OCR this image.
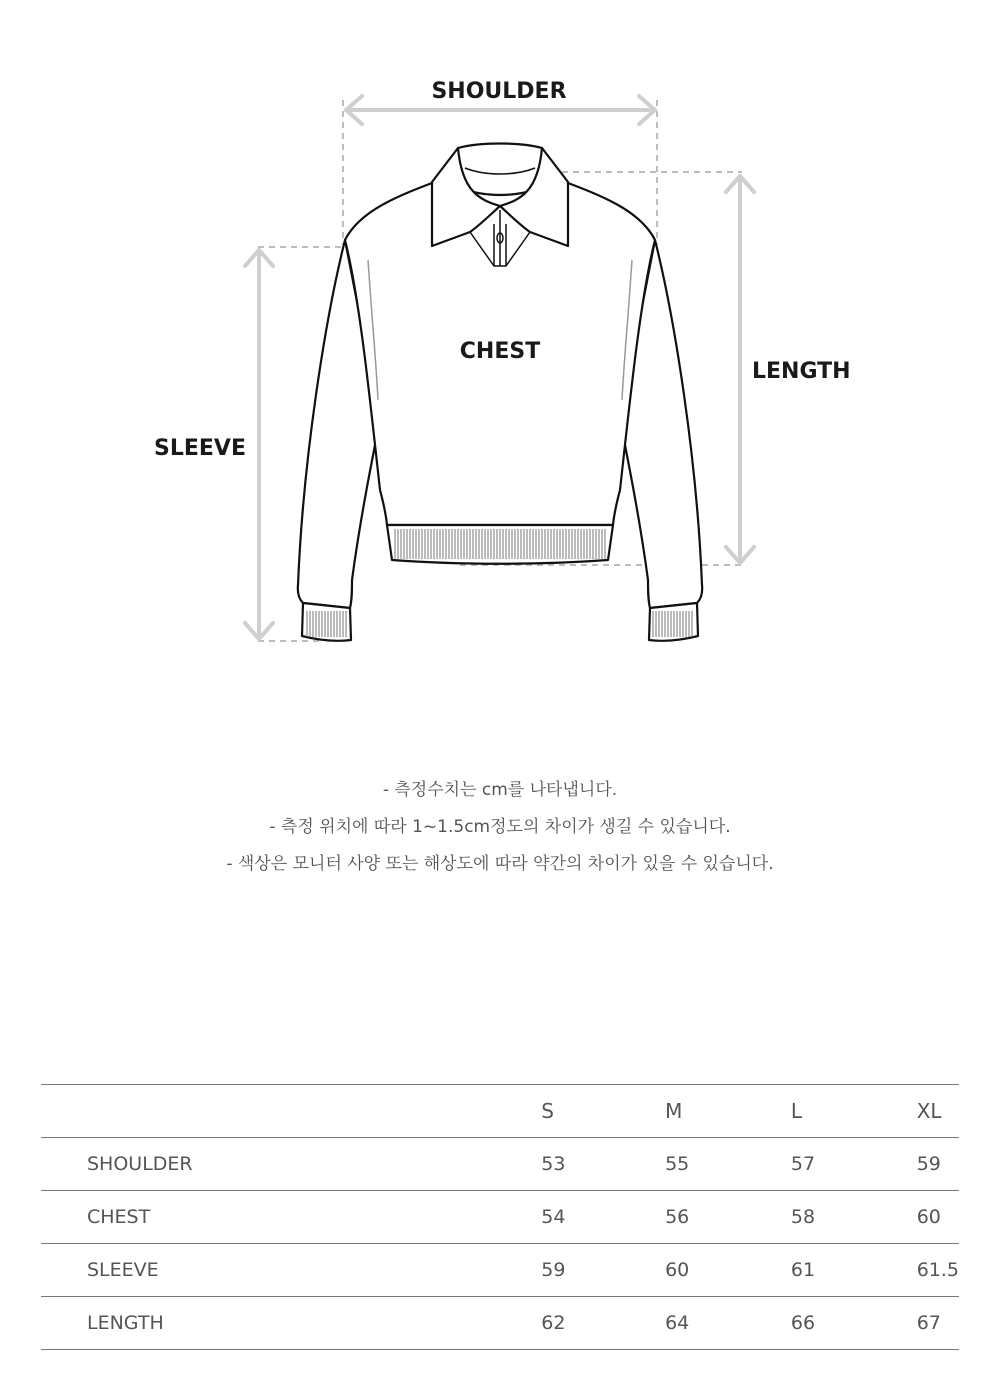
SHOULDER
CHEST
LENGTH
SLEEVE
- 측정수치는 cm를 나타냅니다.
- 측정 위치에 따라 1~1.5cm정도의 차이가 생길 수 있습니다.
- 색상은 모니터 사양 또는 해상도에 따라 약간의 차이가 있을 수 있습니다.
	S	M	L	XL
SHOULDER	53	55	57	59
CHEST	54	56	58	60
SLEEVE	59	60	61	61.5
LENGTH	62	64	66	67
